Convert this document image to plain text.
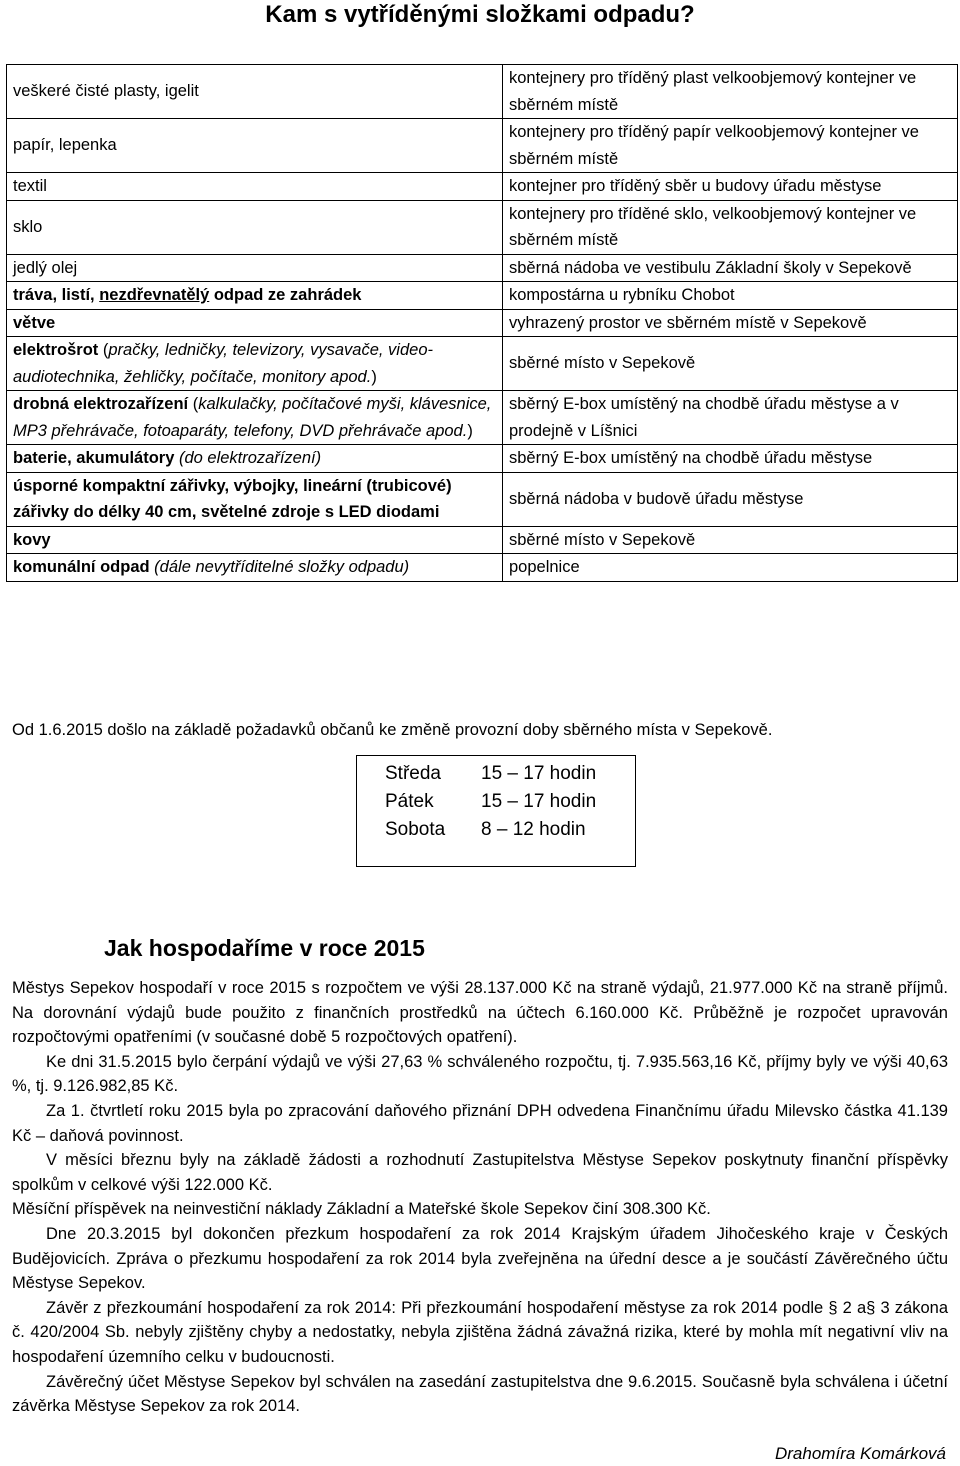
Kam s vytříděnými složkami odpadu?
veškeré čisté plasty, igelit	kontejnery pro tříděný plast velkoobjemový kontejner ve sběrném místě
papír, lepenka	kontejnery pro tříděný papír velkoobjemový kontejner ve sběrném místě
textil	kontejner pro tříděný sběr u budovy úřadu městyse
sklo	kontejnery pro tříděné sklo, velkoobjemový kontejner ve sběrném místě
jedlý olej	sběrná nádoba ve vestibulu Základní školy v Sepekově
tráva, listí, nezdřevnatělý odpad ze zahrádek	kompostárna u rybníku Chobot
větve	vyhrazený prostor ve sběrném místě v Sepekově
elektrošrot (pračky, ledničky, televizory, vysavače, video-audiotechnika, žehličky, počítače, monitory apod.)	sběrné místo v Sepekově
drobná elektrozařízení (kalkulačky, počítačové myši, klávesnice, MP3 přehrávače, fotoaparáty, telefony, DVD přehrávače apod.)	sběrný E-box umístěný na chodbě úřadu městyse a v prodejně v Líšnici
baterie, akumulátory (do elektrozařízení)	sběrný E-box umístěný na chodbě úřadu městyse
úsporné kompaktní zářivky, výbojky, lineární (trubicové) zářivky do délky 40 cm, světelné zdroje s LED diodami	sběrná nádoba v budově úřadu městyse
kovy	sběrné místo v Sepekově
komunální odpad (dále nevytříditelné složky odpadu)	popelnice
Od 1.6.2015 došlo na základě požadavků občanů ke změně provozní doby sběrného místa v Sepekově.
Středa 15 – 17 hodin
Pátek 15 – 17 hodin
Sobota 8 – 12 hodin
Jak hospodaříme v roce 2015

Městys Sepekov hospodaří v roce 2015 s rozpočtem ve výši 28.137.000 Kč na straně výdajů, 21.977.000 Kč na straně příjmů. Na dorovnání výdajů bude použito z finančních prostředků na účtech 6.160.000 Kč. Průběžně je rozpočet upravován rozpočtovými opatřeními (v současné době 5 rozpočtových opatření).

Ke dni 31.5.2015 bylo čerpání výdajů ve výši 27,63 % schváleného rozpočtu, tj. 7.935.563,16 Kč, příjmy byly ve výši 40,63 %, tj. 9.126.982,85 Kč.

Za 1. čtvrtletí roku 2015 byla po zpracování daňového přiznání DPH odvedena Finančnímu úřadu Milevsko částka 41.139 Kč – daňová povinnost.

V měsíci březnu byly na základě žádosti a rozhodnutí Zastupitelstva Městyse Sepekov poskytnuty finanční příspěvky spolkům v celkové výši 122.000 Kč.

Měsíční příspěvek na neinvestiční náklady Základní a Mateřské škole Sepekov činí 308.300 Kč.

Dne 20.3.2015 byl dokončen přezkum hospodaření za rok 2014 Krajským úřadem Jihočeského kraje v Českých Budějovicích. Zpráva o přezkumu hospodaření za rok 2014 byla zveřejněna na úřední desce a je součástí Závěrečného účtu Městyse Sepekov.

Závěr z přezkoumání hospodaření za rok 2014: Při přezkoumání hospodaření městyse za rok 2014 podle § 2 a§ 3 zákona č. 420/2004 Sb. nebyly zjištěny chyby a nedostatky, nebyla zjištěna žádná závažná rizika, které by mohla mít negativní vliv na hospodaření územního celku v budoucnosti.

Závěrečný účet Městyse Sepekov byl schválen na zasedání zastupitelstva dne 9.6.2015. Současně byla schválena i účetní závěrka Městyse Sepekov za rok 2014.

Drahomíra Komárková
